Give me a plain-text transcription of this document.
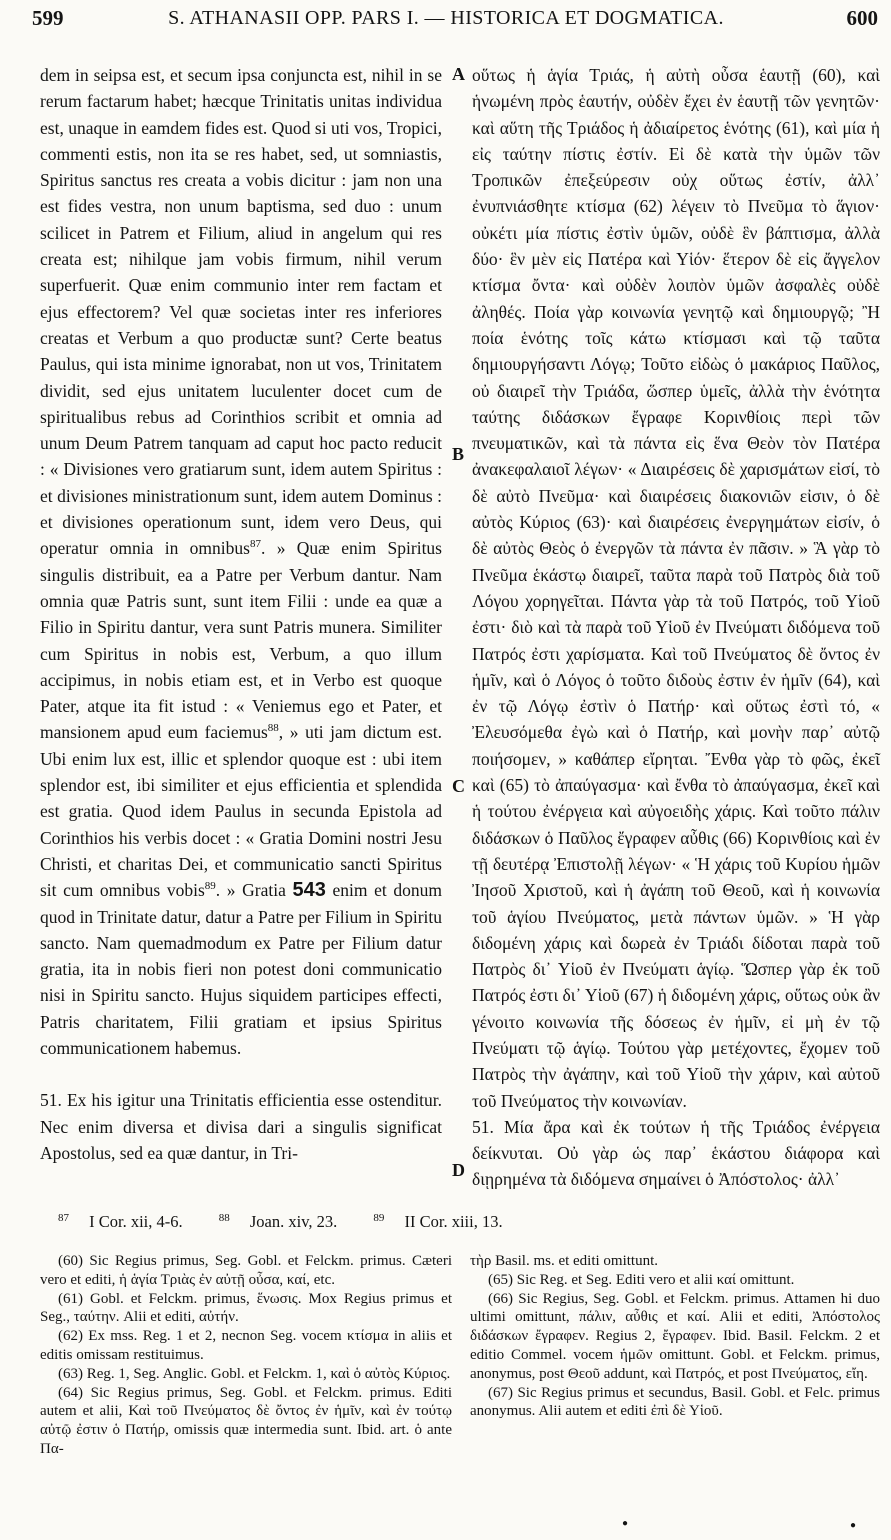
599	S. ATHANASII OPP. PARS I. — HISTORICA ET DOGMATICA.	600

dem in seipsa est, et secum ipsa conjuncta est, nihil in se rerum factarum habet; hæcque Trinitatis unitas individua est, unaque in eamdem fides est. Quod si uti vos, Tropici, commenti estis, non ita se res habet, sed, ut somniastis, Spiritus sanctus res creata a vobis dicitur : jam non una est fides vestra, non unum baptisma, sed duo : unum scilicet in Patrem et Filium, aliud in angelum qui res creata est; nihilque jam vobis firmum, nihil verum superfuerit. Quæ enim communio inter rem factam et ejus effectorem? Vel quæ societas inter res inferiores creatas et Verbum a quo productæ sunt? Certe beatus Paulus, qui ista minime ignorabat, non ut vos, Trinitatem dividit, sed ejus unitatem luculenter docet cum de spiritualibus rebus ad Corinthios scribit et omnia ad unum Deum Patrem tanquam ad caput hoc pacto reducit : « Divisiones vero gratiarum sunt, idem autem Spiritus : et divisiones ministrationum sunt, idem autem Dominus : et divisiones operationum sunt, idem vero Deus, qui operatur omnia in omnibus$^{87}$. » Quæ enim Spiritus singulis distribuit, ea a Patre per Verbum dantur. Nam omnia quæ Patris sunt, sunt item Filii : unde ea quæ a Filio in Spiritu dantur, vera sunt Patris munera. Similiter cum Spiritus in nobis est, Verbum, a quo illum accipimus, in nobis etiam est, et in Verbo est quoque Pater, atque ita fit istud : « Veniemus ego et Pater, et mansionem apud eum faciemus$^{88}$, » uti jam dictum est. Ubi enim lux est, illic et splendor quoque est : ubi item splendor est, ibi similiter et ejus efficientia et splendida est gratia. Quod idem Paulus in secunda Epistola ad Corinthios his verbis docet : « Gratia Domini nostri Jesu Christi, et charitas Dei, et communicatio sancti Spiritus sit cum omnibus vobis$^{89}$. » Gratia 543 enim et donum quod in Trinitate datur, datur a Patre per Filium in Spiritu sancto. Nam quemadmodum ex Patre per Filium datur gratia, ita in nobis fieri non potest doni communicatio nisi in Spiritu sancto. Hujus siquidem participes effecti, Patris charitatem, Filii gratiam et ipsius Spiritus communicationem habemus.

51. Ex his igitur una Trinitatis efficientia esse ostenditur. Nec enim diversa et divisa dari a singulis significat Apostolus, sed ea quæ dantur, in Tri-

οὕτως ἡ ἁγία Τριάς, ἡ αὐτὴ οὖσα ἑαυτῇ (60), καὶ ἡνωμένη πρὸς ἑαυτήν, οὐδὲν ἔχει ἐν ἑαυτῇ τῶν γενητῶν· καὶ αὕτη τῆς Τριάδος ἡ ἀδιαίρετος ἑνότης (61), καὶ μία ἡ εἰς ταύτην πίστις ἐστίν. Εἰ δὲ κατὰ τὴν ὑμῶν τῶν Τροπικῶν ἐπεξεύρεσιν οὐχ οὕτως ἐστίν, ἀλλ᾽ ἐνυπνιάσθητε κτίσμα (62) λέγειν τὸ Πνεῦμα τὸ ἅγιον· οὐκέτι μία πίστις ἐστὶν ὑμῶν, οὐδὲ ἓν βάπτισμα, ἀλλὰ δύο· ἓν μὲν εἰς Πατέρα καὶ Υἱόν· ἕτερον δὲ εἰς ἄγγελον κτίσμα ὄντα· καὶ οὐδὲν λοιπὸν ὑμῶν ἀσφαλὲς οὐδὲ ἀληθές. Ποία γὰρ κοινωνία γενητῷ καὶ δημιουργῷ; Ἢ ποία ἑνότης τοῖς κάτω κτίσμασι καὶ τῷ ταῦτα δημιουργήσαντι Λόγῳ; Τοῦτο εἰδὼς ὁ μακάριος Παῦλος, οὐ διαιρεῖ τὴν Τριάδα, ὥσπερ ὑμεῖς, ἀλλὰ τὴν ἑνότητα ταύτης διδάσκων ἔγραφε Κορινθίοις περὶ τῶν πνευματικῶν, καὶ τὰ πάντα εἰς ἕνα Θεὸν τὸν Πατέρα ἀνακεφαλαιοῖ λέγων· « Διαιρέσεις δὲ χαρισμάτων εἰσί, τὸ δὲ αὐτὸ Πνεῦμα· καὶ διαιρέσεις διακονιῶν εἰσιν, ὁ δὲ αὐτὸς Κύριος (63)· καὶ διαιρέσεις ἐνεργημάτων εἰσίν, ὁ δὲ αὐτὸς Θεὸς ὁ ἐνεργῶν τὰ πάντα ἐν πᾶσιν. » Ἃ γὰρ τὸ Πνεῦμα ἑκάστῳ διαιρεῖ, ταῦτα παρὰ τοῦ Πατρὸς διὰ τοῦ Λόγου χορηγεῖται. Πάντα γὰρ τὰ τοῦ Πατρός, τοῦ Υἱοῦ ἐστι· διὸ καὶ τὰ παρὰ τοῦ Υἱοῦ ἐν Πνεύματι διδόμενα τοῦ Πατρός ἐστι χαρίσματα. Καὶ τοῦ Πνεύματος δὲ ὄντος ἐν ἡμῖν, καὶ ὁ Λόγος ὁ τοῦτο διδοὺς ἐστιν ἐν ἡμῖν (64), καὶ ἐν τῷ Λόγῳ ἐστὶν ὁ Πατήρ· καὶ οὕτως ἐστὶ τό, « Ἐλευσόμεθα ἐγὼ καὶ ὁ Πατήρ, καὶ μονὴν παρ᾽ αὐτῷ ποιήσομεν, » καθάπερ εἴρηται. Ἔνθα γὰρ τὸ φῶς, ἐκεῖ καὶ (65) τὸ ἀπαύγασμα· καὶ ἔνθα τὸ ἀπαύγασμα, ἐκεῖ καὶ ἡ τούτου ἐνέργεια καὶ αὐγοειδὴς χάρις. Καὶ τοῦτο πάλιν διδάσκων ὁ Παῦλος ἔγραφεν αὖθις (66) Κορινθίοις καὶ ἐν τῇ δευτέρᾳ Ἐπιστολῇ λέγων· « Ἡ χάρις τοῦ Κυρίου ἡμῶν Ἰησοῦ Χριστοῦ, καὶ ἡ ἀγάπη τοῦ Θεοῦ, καὶ ἡ κοινωνία τοῦ ἁγίου Πνεύματος, μετὰ πάντων ὑμῶν. » Ἡ γὰρ διδομένη χάρις καὶ δωρεὰ ἐν Τριάδι δίδοται παρὰ τοῦ Πατρὸς δι᾽ Υἱοῦ ἐν Πνεύματι ἁγίῳ. Ὥσπερ γὰρ ἐκ τοῦ Πατρός ἐστι δι᾽ Υἱοῦ (67) ἡ διδομένη χάρις, οὕτως οὐκ ἂν γένοιτο κοινωνία τῆς δόσεως ἐν ἡμῖν, εἰ μὴ ἐν τῷ Πνεύματι τῷ ἁγίῳ. Τούτου γὰρ μετέχοντες, ἔχομεν τοῦ Πατρὸς τὴν ἀγάπην, καὶ τοῦ Υἱοῦ τὴν χάριν, καὶ αὐτοῦ τοῦ Πνεύματος τὴν κοινωνίαν.

51. Μία ἄρα καὶ ἐκ τούτων ἡ τῆς Τριάδος ἐνέργεια δείκνυται. Οὐ γὰρ ὡς παρ᾽ ἑκάστου διάφορα καὶ διῃρημένα τὰ διδόμενα σημαίνει ὁ Ἀπόστολος· ἀλλ᾽

A
B
C
D
$^{87}$ I Cor. xii, 4-6.	$^{88}$ Joan. xiv, 23.	$^{89}$ II Cor. xiii, 13.

(60) Sic Regius primus, Seg. Gobl. et Felckm. primus. Cæteri vero et editi, ἡ ἁγία Τριὰς ἐν αὐτῇ οὖσα, καί, etc.

(61) Gobl. et Felckm. primus, ἕνωσις. Mox Regius primus et Seg., ταύτην. Alii et editi, αὐτήν.

(62) Ex mss. Reg. 1 et 2, necnon Seg. vocem κτίσμα in aliis et editis omissam restituimus.

(63) Reg. 1, Seg. Anglic. Gobl. et Felckm. 1, καὶ ὁ αὐτὸς Κύριος.

(64) Sic Regius primus, Seg. Gobl. et Felckm. primus. Editi autem et alii, Καὶ τοῦ Πνεύματος δὲ ὄντος ἐν ἡμῖν, καὶ ἐν τούτῳ αὐτῷ ἐστιν ὁ Πατήρ, omissis quæ intermedia sunt. Ibid. art. ὁ ante Πα-

τὴρ Basil. ms. et editi omittunt.

(65) Sic Reg. et Seg. Editi vero et alii καί omittunt.

(66) Sic Regius, Seg. Gobl. et Felckm. primus. Attamen hi duo ultimi omittunt, πάλιν, αὖθις et καί. Alii et editi, Ἀπόστολος διδάσκων ἔγραφεν. Regius 2, ἔγραφεν. Ibid. Basil. Felckm. 2 et editio Commel. vocem ἡμῶν omittunt. Gobl. et Felckm. primus, anonymus, post Θεοῦ addunt, καὶ Πατρός, et post Πνεύματος, εἴη.

(67) Sic Regius primus et secundus, Basil. Gobl. et Felc. primus anonymus. Alii autem et editi ἐπὶ δὲ Υἱοῦ.

●	●
